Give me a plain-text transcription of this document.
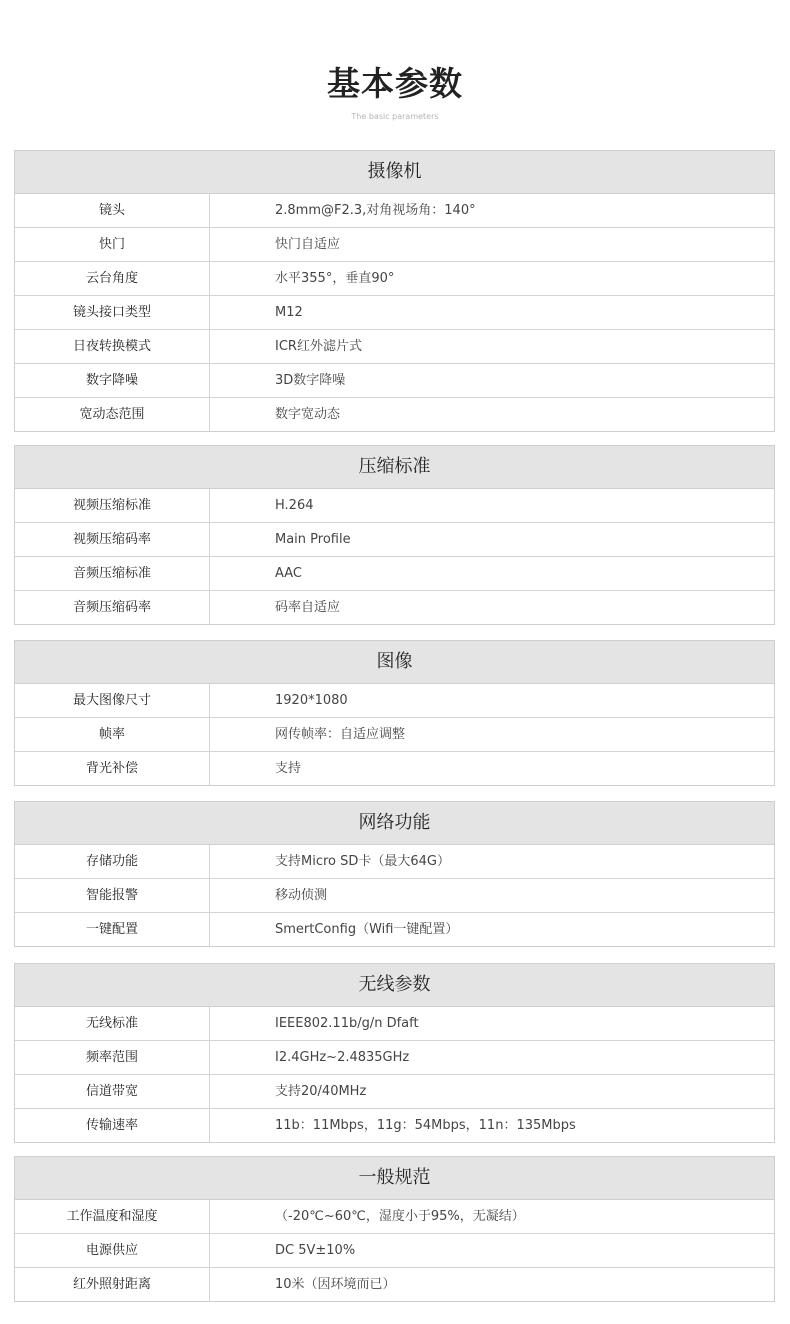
基本参数
The basic parameters
摄像机
镜头	2.8mm@F2.3,对角视场角：140°
快门	快门自适应
云台角度	水平355°，垂直90°
镜头接口类型	M12
日夜转换模式	ICR红外滤片式
数字降噪	3D数字降噪
宽动态范围	数字宽动态
压缩标准
视频压缩标准	H.264
视频压缩码率	Main Profile
音频压缩标准	AAC
音频压缩码率	码率自适应
图像
最大图像尺寸	1920*1080
帧率	网传帧率：自适应调整
背光补偿	支持
网络功能
存储功能	支持Micro SD卡（最大64G）
智能报警	移动侦测
一键配置	SmertConfig（Wifi一键配置）
无线参数
无线标准	IEEE802.11b/g/n Dfaft
频率范围	I2.4GHz~2.4835GHz
信道带宽	支持20/40MHz
传输速率	11b：11Mbps，11g：54Mbps，11n：135Mbps
一般规范
工作温度和湿度	（-20℃~60℃，湿度小于95%，无凝结）
电源供应	DC 5V±10%
红外照射距离	10米（因环境而已）
